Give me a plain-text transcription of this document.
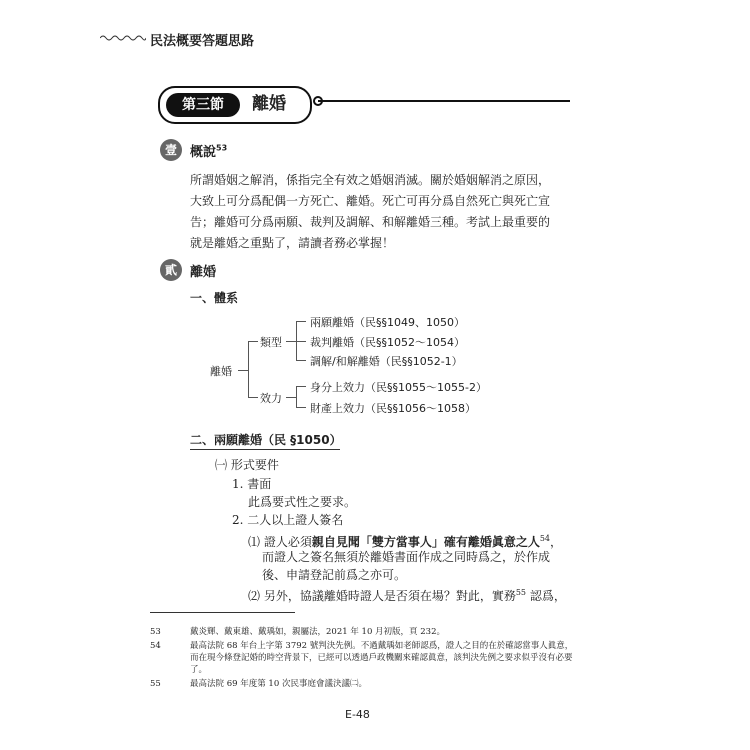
民法概要答題思路
第三節	離婚
壹	概說$^{53}$
所謂婚姻之解消，係指完全有效之婚姻消滅。關於婚姻解消之原因，
大致上可分爲配偶一方死亡、離婚。死亡可再分爲自然死亡與死亡宣
告；離婚可分爲兩願、裁判及調解、和解離婚三種。考試上最重要的
就是離婚之重點了，請讀者務必掌握！
貳	離婚
一、體系
離婚
類型
兩願離婚（民§§1049、1050）
裁判離婚（民§§1052～1054）
調解/和解離婚（民§§1052-1）
效力
身分上效力（民§§1055～1055-2）
財產上效力（民§§1056～1058）
二、兩願離婚（民 §1050）
㈠ 形式要件
1. 書面
此爲要式性之要求。
2. 二人以上證人簽名
⑴ 證人必須親自見聞「雙方當事人」確有離婚眞意之人$^{54}$，
而證人之簽名無須於離婚書面作成之同時爲之，於作成
後、申請登記前爲之亦可。
⑵ 另外，協議離婚時證人是否須在場？對此，實務$^{55}$ 認爲，
53	戴炎輝、戴東雄、戴瑀如，親屬法，2021 年 10 月初版，頁 232。
54	最高法院 68 年台上字第 3792 號判決先例。不過戴瑀如老師認爲，證人之目的在於確認當事人眞意，而在現今條登記婚的時空背景下，已經可以透過戶政機關來確認眞意，該判決先例之要求似乎沒有必要了。
55	最高法院 69 年度第 10 次民事庭會議決議㈡。
E-48
